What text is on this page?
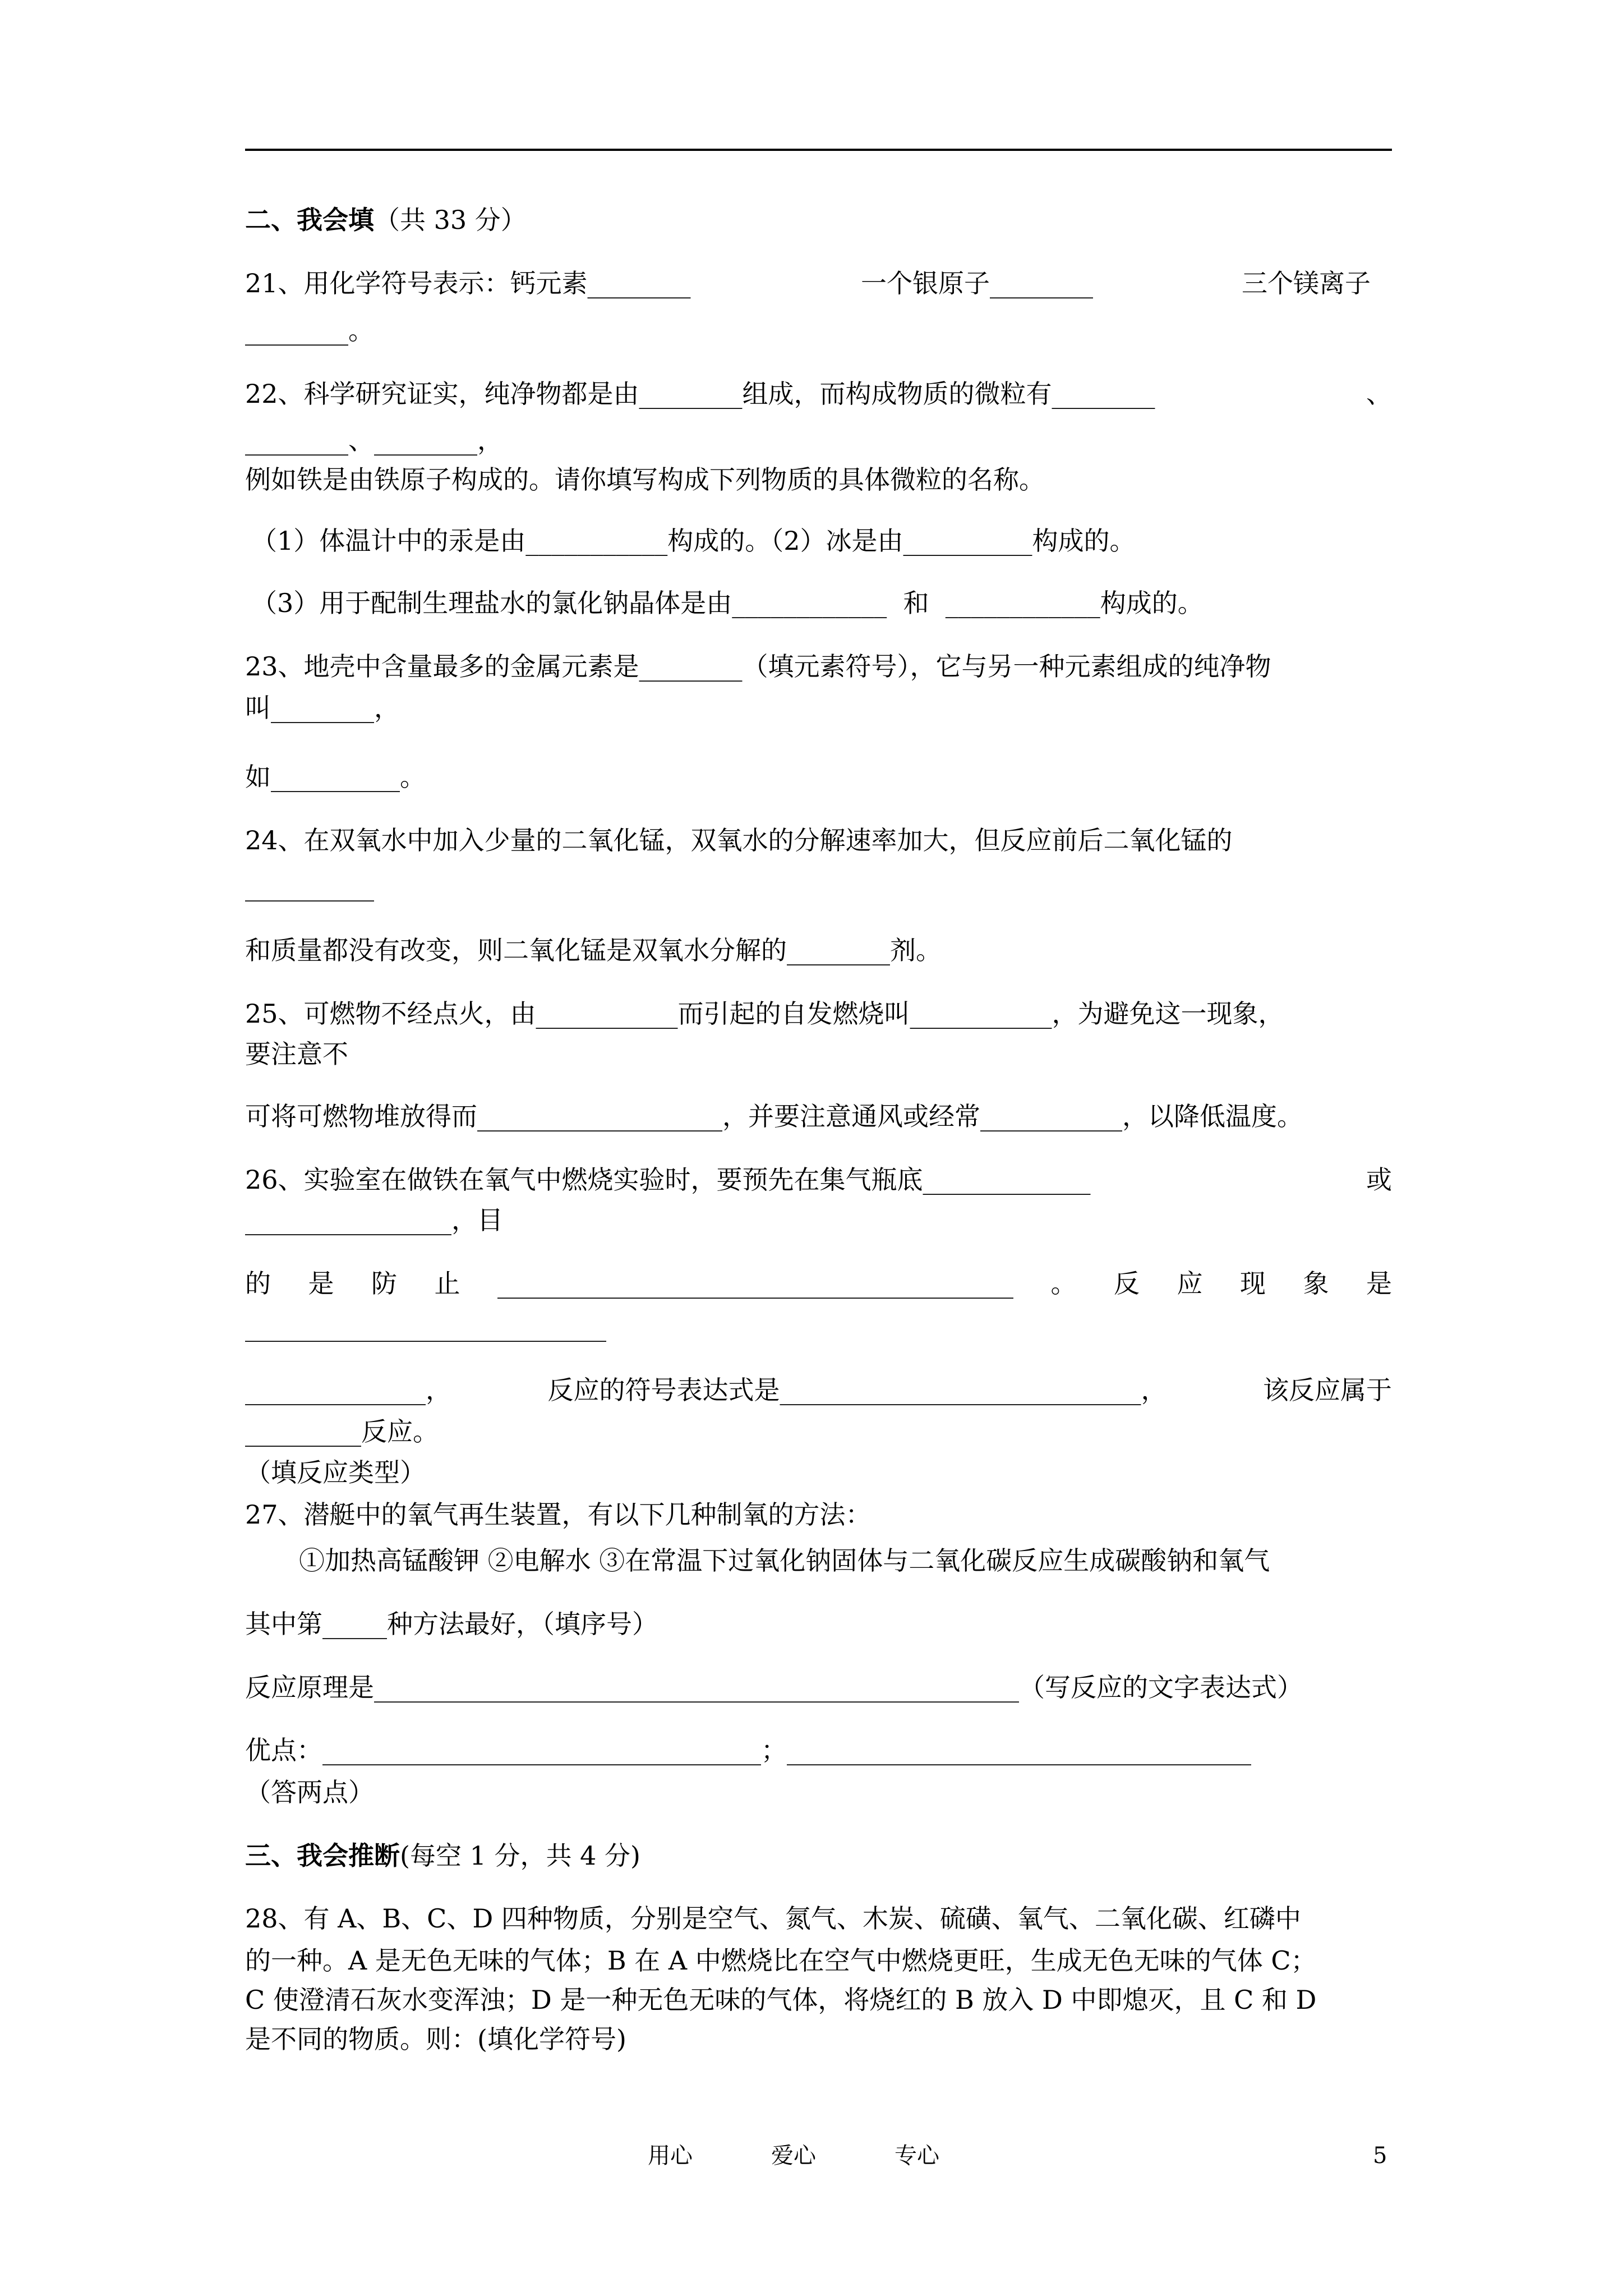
二、我会填（共 33 分）
21、用化学符号表示：钙元素________	一个银原子________	三个镁离子
________。
22、科学研究证实，纯净物都是由________组成，而构成物质的微粒有________	、
________、________，
例如铁是由铁原子构成的。请你填写构成下列物质的具体微粒的名称。
（1）体温计中的汞是由___________构成的。（2）冰是由__________构成的。
（3）用于配制生理盐水的氯化钠晶体是由____________  和  ____________构成的。
23、地壳中含量最多的金属元素是________（填元素符号），它与另一种元素组成的纯净物
叫________，
如__________。
24、在双氧水中加入少量的二氧化锰，双氧水的分解速率加大，但反应前后二氧化锰的
__________
和质量都没有改变，则二氧化锰是双氧水分解的________剂。
25、可燃物不经点火，由___________而引起的自发燃烧叫___________，为避免这一现象，
要注意不
可将可燃物堆放得而___________________，并要注意通风或经常___________，以降低温度。
26、实验室在做铁在氧气中燃烧实验时，要预先在集气瓶底_____________	或
________________，目
的 是 防 止 ________________________________________ 。 反 应 现 象 是
____________________________
______________，	反应的符号表达式是____________________________，	该反应属于
_________反应。
（填反应类型）
27、潜艇中的氧气再生装置，有以下几种制氧的方法：
①加热高锰酸钾 ②电解水 ③在常温下过氧化钠固体与二氧化碳反应生成碳酸钠和氧气
其中第_____种方法最好，（填序号）
反应原理是__________________________________________________（写反应的文字表达式）
优点：__________________________________；____________________________________
（答两点）
三、我会推断(每空 1 分，共 4 分)
28、有 A、B、C、D 四种物质，分别是空气、氮气、木炭、硫磺、氧气、二氧化碳、红磷中
的一种。A 是无色无味的气体；B 在 A 中燃烧比在空气中燃烧更旺，生成无色无味的气体 C；
C 使澄清石灰水变浑浊；D 是一种无色无味的气体，将烧红的 B 放入 D 中即熄灭，且 C 和 D
是不同的物质。则：(填化学符号)
用心	爱心	专心	5
